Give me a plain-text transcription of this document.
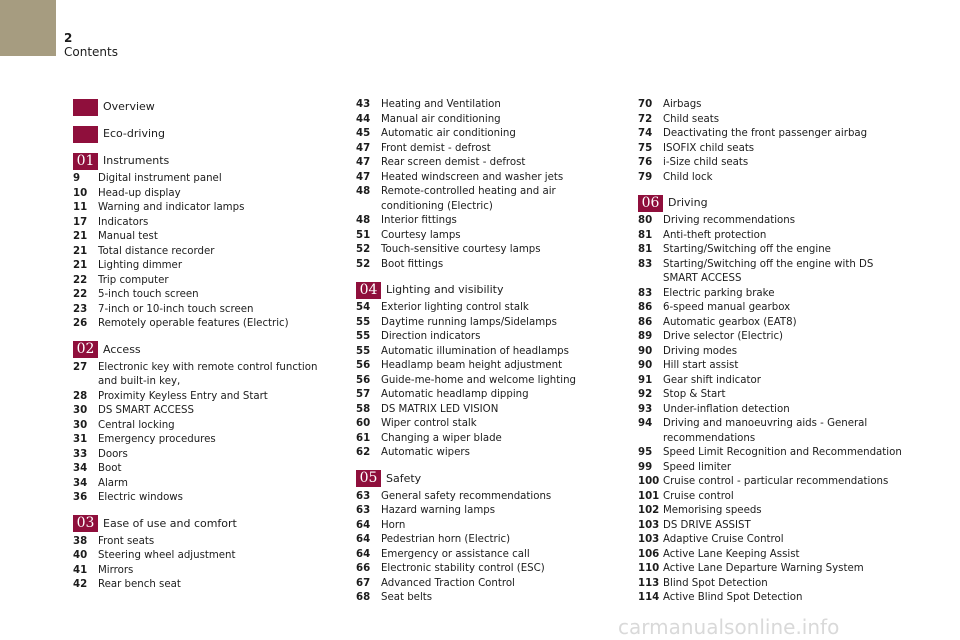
2
Contents
Overview
Eco-driving
01 Instruments
9	Digital instrument panel
10	Head-up display
11	Warning and indicator lamps
17	Indicators
21	Manual test
21	Total distance recorder
21	Lighting dimmer
22	Trip computer
22	5-inch touch screen
23	7-inch or 10-inch touch screen
26	Remotely operable features (Electric)
02 Access
27	Electronic key with remote control function and built-in key,
28	Proximity Keyless Entry and Start
30	DS SMART ACCESS
30	Central locking
31	Emergency procedures
33	Doors
34	Boot
34	Alarm
36	Electric windows
03 Ease of use and comfort
38	Front seats
40	Steering wheel adjustment
41	Mirrors
42	Rear bench seat
43	Heating and Ventilation
44	Manual air conditioning
45	Automatic air conditioning
47	Front demist - defrost
47	Rear screen demist - defrost
47	Heated windscreen and washer jets
48	Remote-controlled heating and air conditioning (Electric)
48	Interior fittings
51	Courtesy lamps
52	Touch-sensitive courtesy lamps
52	Boot fittings
04 Lighting and visibility
54	Exterior lighting control stalk
55	Daytime running lamps/Sidelamps
55	Direction indicators
55	Automatic illumination of headlamps
56	Headlamp beam height adjustment
56	Guide-me-home and welcome lighting
57	Automatic headlamp dipping
58	DS MATRIX LED VISION
60	Wiper control stalk
61	Changing a wiper blade
62	Automatic wipers
05 Safety
63	General safety recommendations
63	Hazard warning lamps
64	Horn
64	Pedestrian horn (Electric)
64	Emergency or assistance call
66	Electronic stability control (ESC)
67	Advanced Traction Control
68	Seat belts
70	Airbags
72	Child seats
74	Deactivating the front passenger airbag
75	ISOFIX child seats
76	i-Size child seats
79	Child lock
06 Driving
80	Driving recommendations
81	Anti-theft protection
81	Starting/Switching off the engine
83	Starting/Switching off the engine with DS SMART ACCESS
83	Electric parking brake
86	6-speed manual gearbox
86	Automatic gearbox (EAT8)
89	Drive selector (Electric)
90	Driving modes
90	Hill start assist
91	Gear shift indicator
92	Stop & Start
93	Under-inflation detection
94	Driving and manoeuvring aids - General recommendations
95	Speed Limit Recognition and Recommendation
99	Speed limiter
100 Cruise control - particular recommendations
101 Cruise control
102 Memorising speeds
103 DS DRIVE ASSIST
103 Adaptive Cruise Control
106 Active Lane Keeping Assist
110 Active Lane Departure Warning System
113 Blind Spot Detection
114 Active Blind Spot Detection
carmanualsonline.info
